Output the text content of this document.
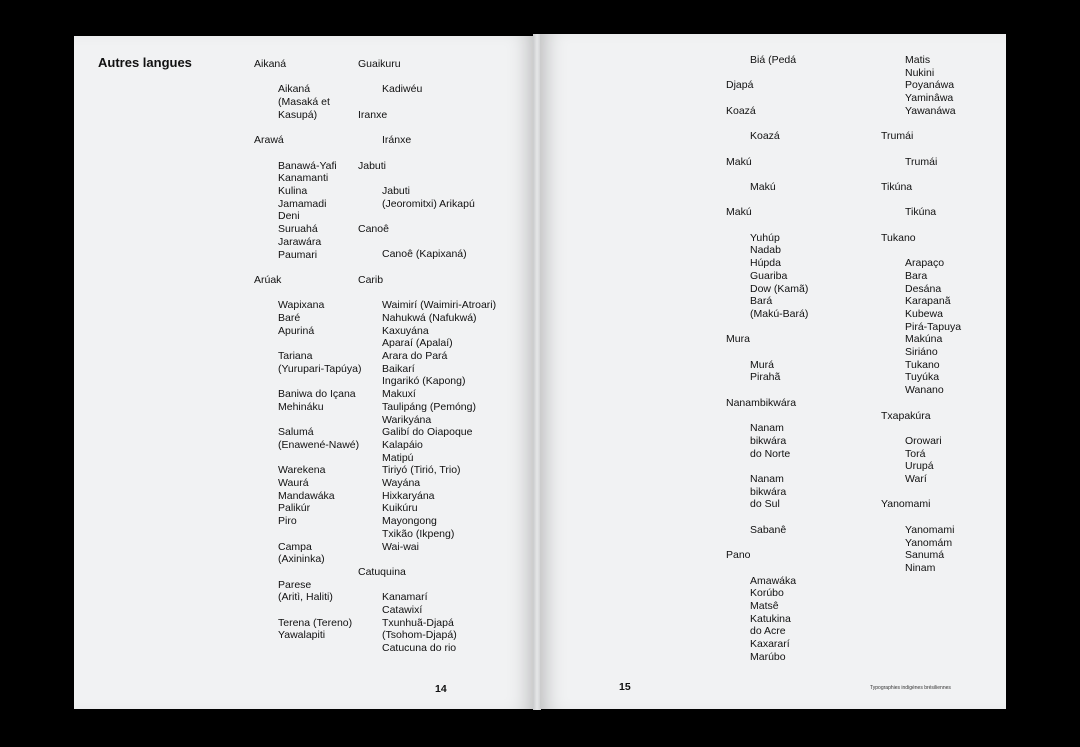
Autres langues	Aikaná
Aikaná
(Masaká et
Kasupá)
Arawá
Banawá-Yafi
Kanamanti
Kulina
Jamamadi
Deni
Suruahá
Jarawára
Paumari
Arúak
Wapixana
Baré
Apuriná
Tariana
(Yurupari-Tapúya)
Baniwa do Içana
Mehináku
Salumá
(Enawené-Nawé)
Warekena
Waurá
Mandawáka
Palikúr
Piro
Campa
(Axininka)
Parese
(Aritì, Haliti)
Terena (Tereno)
Yawalapiti
Guaikuru
Kadiwéu
Iranxe
Iránxe
Jabuti
Jabuti
(Jeoromitxi) Arikapú
Canoê
Canoê (Kapixaná)
Carib
Waimirí (Waimiri-Atroari)
Nahukwá (Nafukwá)
Kaxuyána
Aparaí (Apalaí)
Arara do Pará
Baikarí
Ingarikó (Kapong)
Makuxí
Taulipáng (Pemóng)
Warikyána
Galibí do Oiapoque
Kalapáio
Matipú
Tiriyó (Tirió, Trio)
Wayána
Hixkaryána
Kuikúru
Mayongong
Txikão (Ikpeng)
Wai-wai
Catuquina
Kanamarí
Catawixí
Txunhuã-Djapá
(Tsohom-Djapá)
Catucuna do rio
14
Biá (Pedá
Djapá
Koazá
Koazá
Makú
Makú
Makú
Yuhúp
Nadab
Húpda
Guariba
Dow (Kamã)
Bará
(Makú-Bará)
Mura
Murá
Pirahã
Nanambikwára
Nanam
bikwára
do Norte
Nanam
bikwára
do Sul
Sabanê
Pano
Amawáka
Korúbo
Matsê
Katukina
do Acre
Kaxararí
Marúbo
Matis
Nukini
Poyanáwa
Yaminâwa
Yawanáwa
Trumái
Trumái
Tikúna
Tikúna
Tukano
Arapaço
Bara
Desána
Karapanã
Kubewa
Pirá-Tapuya
Makúna
Siriáno
Tukano
Tuyúka
Wanano
Txapakúra
Orowari
Torá
Urupá
Warí
Yanomami
Yanomami
Yanomám
Sanumá
Ninam
15	Typographies indigènes brésiliennes
